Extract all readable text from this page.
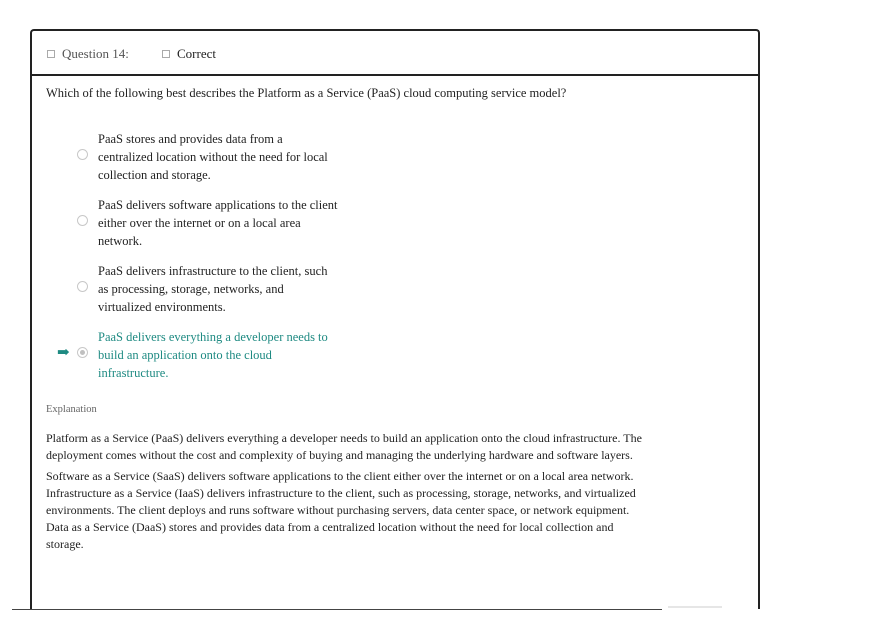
Question 14:	Correct
Which of the following best describes the Platform as a Service (PaaS) cloud computing service model?
PaaS stores and provides data from a centralized location without the need for local collection and storage.
PaaS delivers software applications to the client either over the internet or on a local area network.
PaaS delivers infrastructure to the client, such as processing, storage, networks, and virtualized environments.
➡
PaaS delivers everything a developer needs to build an application onto the cloud infrastructure.
Explanation
Platform as a Service (PaaS) delivers everything a developer needs to build an application onto the cloud infrastructure. The deployment comes without the cost and complexity of buying and managing the underlying hardware and software layers.
Software as a Service (SaaS) delivers software applications to the client either over the internet or on a local area network. Infrastructure as a Service (IaaS) delivers infrastructure to the client, such as processing, storage, networks, and virtualized environments. The client deploys and runs software without purchasing servers, data center space, or network equipment. Data as a Service (DaaS) stores and provides data from a centralized location without the need for local collection and storage.
